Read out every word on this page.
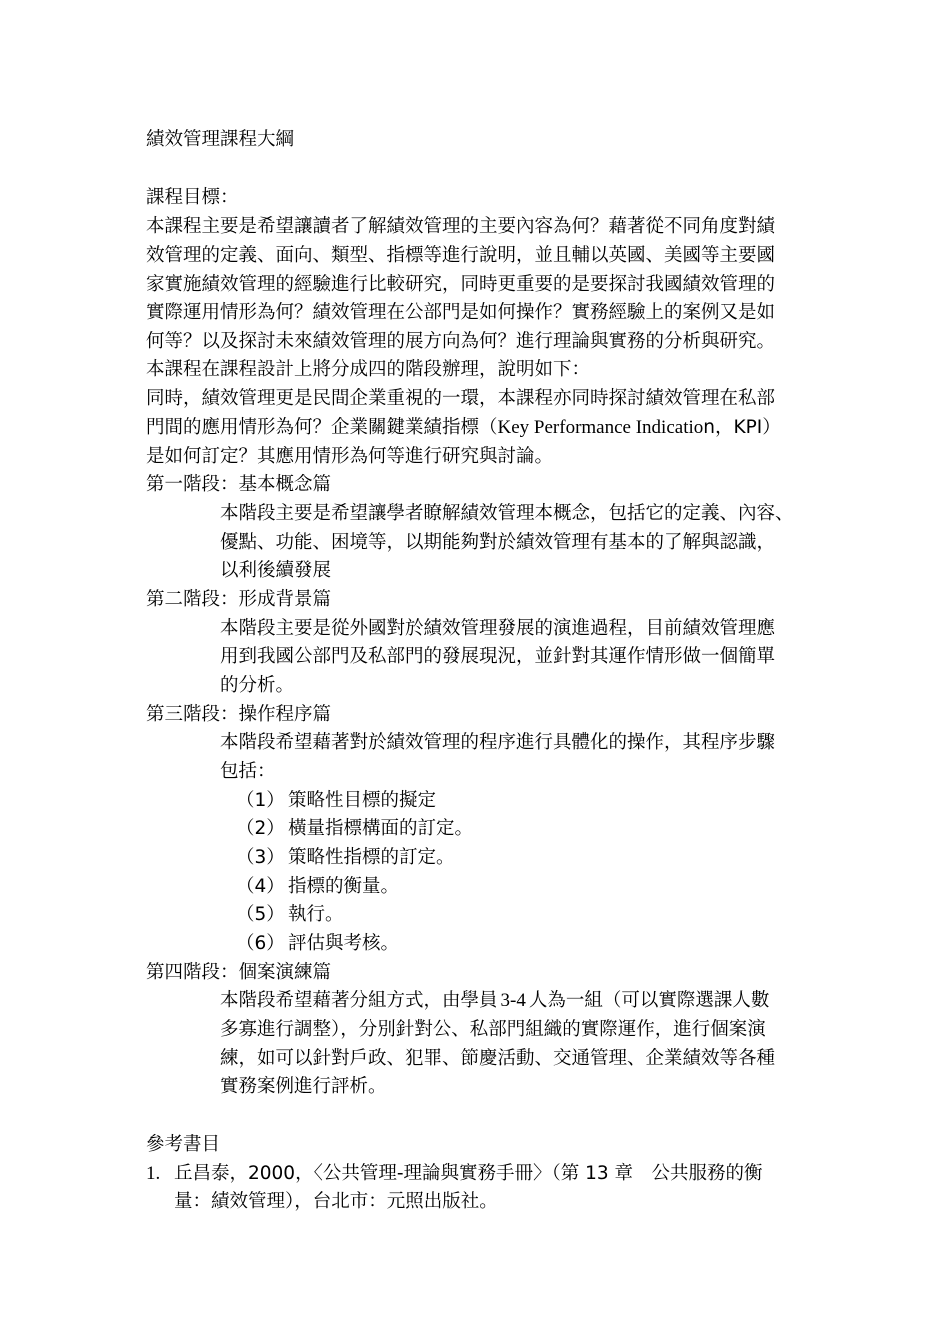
績效管理課程大綱
課程目標：
本課程主要是希望讓讀者了解績效管理的主要內容為何？藉著從不同角度對績
效管理的定義、面向、類型、指標等進行說明，並且輔以英國、美國等主要國
家實施績效管理的經驗進行比較研究，同時更重要的是要探討我國績效管理的
實際運用情形為何？績效管理在公部門是如何操作？實務經驗上的案例又是如
何等？以及探討未來績效管理的展方向為何？進行理論與實務的分析與研究。
本課程在課程設計上將分成四的階段辦理，說明如下：
同時，績效管理更是民間企業重視的一環，本課程亦同時探討績效管理在私部
門間的應用情形為何？企業關鍵業績指標（Key Performance Indication，KPI）
是如何訂定？其應用情形為何等進行研究與討論。
第一階段：基本概念篇
本階段主要是希望讓學者瞭解績效管理本概念，包括它的定義、內容、
優點、功能、困境等，以期能夠對於績效管理有基本的了解與認識，
以利後續發展
第二階段：形成背景篇
本階段主要是從外國對於績效管理發展的演進過程，目前績效管理應
用到我國公部門及私部門的發展現況，並針對其運作情形做一個簡單
的分析。
第三階段：操作程序篇
本階段希望藉著對於績效管理的程序進行具體化的操作，其程序步驟
包括：
（1） 策略性目標的擬定
（2） 橫量指標構面的訂定。
（3） 策略性指標的訂定。
（4） 指標的衡量。
（5） 執行。
（6） 評估與考核。
第四階段：個案演練篇
本階段希望藉著分組方式，由學員 3-4 人為一組（可以實際選課人數
多寡進行調整），分別針對公、私部門組織的實際運作，進行個案演
練，如可以針對戶政、犯罪、節慶活動、交通管理、企業績效等各種
實務案例進行評析。
參考書目
1. 丘昌泰，2000，〈公共管理-理論與實務手冊〉（第 13 章　公共服務的衡
量：績效管理），台北市：元照出版社。
